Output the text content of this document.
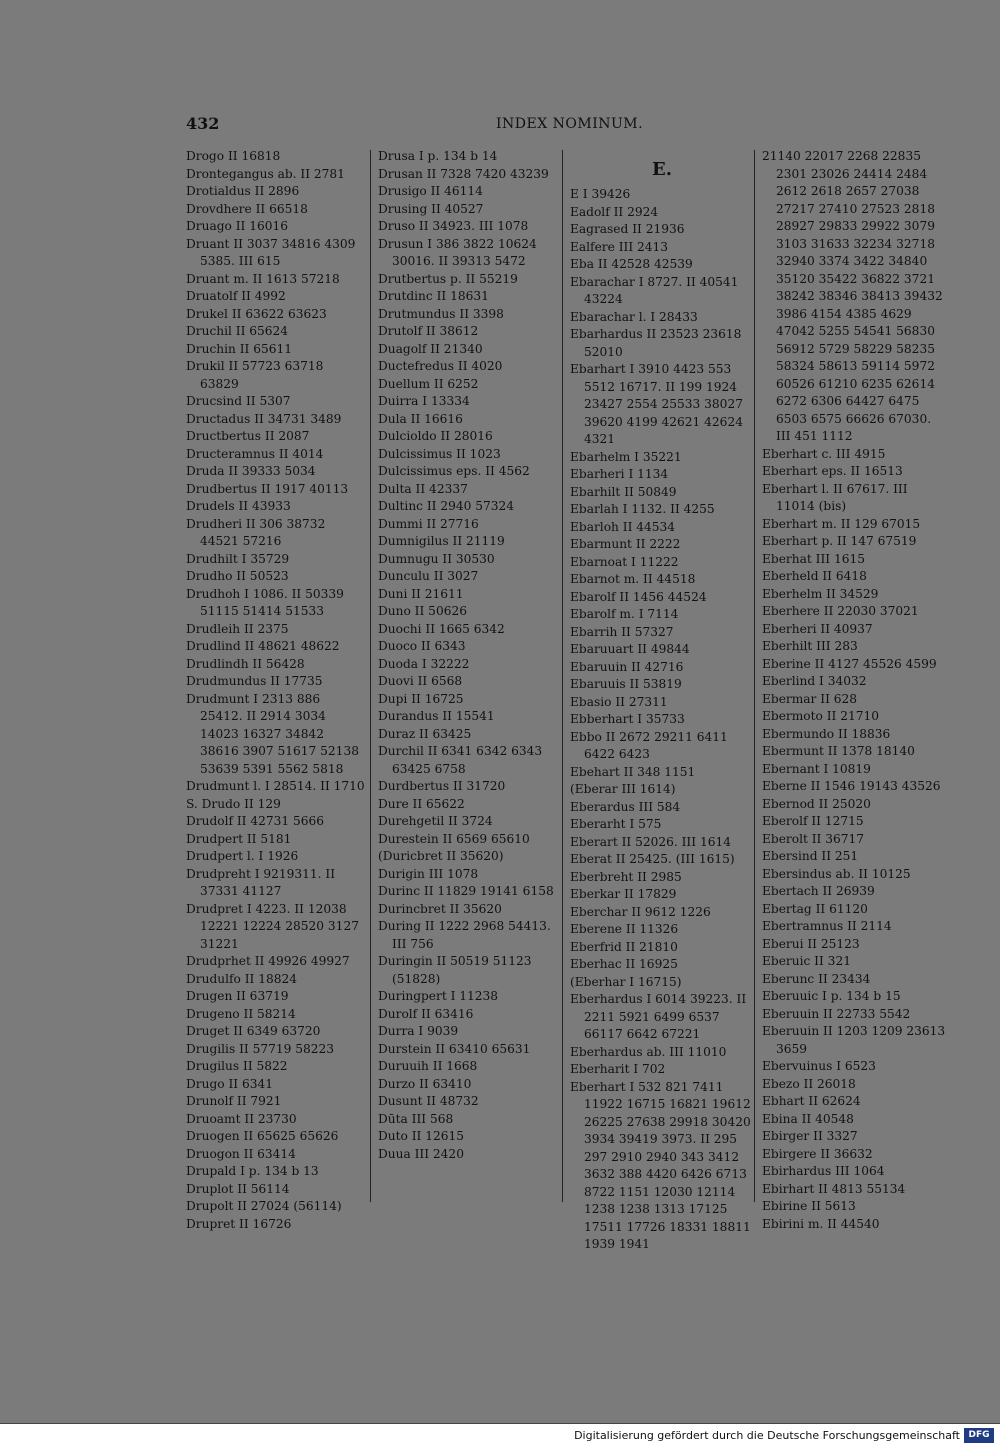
432	INDEX NOMINUM.
Drogo II 16818
Drontegangus ab. II 2781
Drotialdus II 2896
Drovdhere II 66518
Druago II 16016
Druant II 3037 34816 4309 5385. III 615
Druant m. II 1613 57218
Druatolf II 4992
Drukel II 63622 63623
Druchil II 65624
Druchin II 65611
Drukil II 57723 63718 63829
Drucsind II 5307
Dructadus II 34731 3489
Dructbertus II 2087
Dructeramnus II 4014
Druda II 39333 5034
Drudbertus II 1917 40113
Drudels II 43933
Drudheri II 306 38732 44521 57216
Drudhilt I 35729
Drudho II 50523
Drudhoh I 1086. II 50339 51115 51414 51533
Drudleih II 2375
Drudlind II 48621 48622
Drudlindh II 56428
Drudmundus II 17735
Drudmunt I 2313 886 25412. II 2914 3034 14023 16327 34842 38616 3907 51617 52138 53639 5391 5562 5818
Drudmunt l. I 28514. II 1710
S. Drudo II 129
Drudolf II 42731 5666
Drudpert II 5181
Drudpert l. I 1926
Drudpreht I 9219311. II 37331 41127
Drudpret I 4223. II 12038 12221 12224 28520 3127 31221
Drudprhet II 49926 49927
Drudulfo II 18824
Drugen II 63719
Drugeno II 58214
Druget II 6349 63720
Drugilis II 57719 58223
Drugilus II 5822
Drugo II 6341
Drunolf II 7921
Druoamt II 23730
Druogen II 65625 65626
Druogon II 63414
Drupald I p. 134 b 13
Druplot II 56114
Drupolt II 27024 (56114)
Drupret II 16726
Drusa I p. 134 b 14
Drusan II 7328 7420 43239
Drusigo II 46114
Drusing II 40527
Druso II 34923. III 1078
Drusun I 386 3822 10624 30016. II 39313 5472
Drutbertus p. II 55219
Drutdinc II 18631
Drutmundus II 3398
Drutolf II 38612
Duagolf II 21340
Ductefredus II 4020
Duellum II 6252
Duirra I 13334
Dula II 16616
Dulcioldo II 28016
Dulcissimus II 1023
Dulcissimus eps. II 4562
Dulta II 42337
Dultinc II 2940 57324
Dummi II 27716
Dumnigilus II 21119
Dumnugu II 30530
Dunculu II 3027
Duni II 21611
Duno II 50626
Duochi II 1665 6342
Duoco II 6343
Duoda I 32222
Duovi II 6568
Dupi II 16725
Durandus II 15541
Duraz II 63425
Durchil II 6341 6342 6343 63425 6758
Durdbertus II 31720
Dure II 65622
Durehgetil II 3724
Durestein II 6569 65610
(Duricbret II 35620)
Durigin III 1078
Durinc II 11829 19141 6158
Durincbret II 35620
During II 1222 2968 54413. III 756
Duringin II 50519 51123 (51828)
Duringpert I 11238
Durolf II 63416
Durra I 9039
Durstein II 63410 65631
Duruuih II 1668
Durzo II 63410
Dusunt II 48732
Dūta III 568
Duto II 12615
Duua III 2420
E.
E I 39426
Eadolf II 2924
Eagrased II 21936
Ealfere III 2413
Eba II 42528 42539
Ebarachar I 8727. II 40541 43224
Ebarachar l. I 28433
Ebarhardus II 23523 23618 52010
Ebarhart I 3910 4423 553 5512 16717. II 199 1924 23427 2554 25533 38027 39620 4199 42621 42624 4321
Ebarhelm I 35221
Ebarheri I 1134
Ebarhilt II 50849
Ebarlah I 1132. II 4255
Ebarloh II 44534
Ebarmunt II 2222
Ebarnoat I 11222
Ebarnot m. II 44518
Ebarolf II 1456 44524
Ebarolf m. I 7114
Ebarrih II 57327
Ebaruuart II 49844
Ebaruuin II 42716
Ebaruuis II 53819
Ebasio II 27311
Ebberhart I 35733
Ebbo II 2672 29211 6411 6422 6423
Ebehart II 348 1151
(Eberar III 1614)
Eberardus III 584
Eberarht I 575
Eberart II 52026. III 1614
Eberat II 25425. (III 1615)
Eberbreht II 2985
Eberkar II 17829
Eberchar II 9612 1226
Eberene II 11326
Eberfrid II 21810
Eberhac II 16925
(Eberhar I 16715)
Eberhardus I 6014 39223. II 2211 5921 6499 6537 66117 6642 67221
Eberhardus ab. III 11010
Eberharit I 702
Eberhart I 532 821 7411 11922 16715 16821 19612 26225 27638 29918 30420 3934 39419 3973. II 295 297 2910 2940 343 3412 3632 388 4420 6426 6713 8722 1151 12030 12114 1238 1238 1313 17125 17511 17726 18331 18811 1939 1941
21140 22017 2268 22835 2301 23026 24414 2484 2612 2618 2657 27038 27217 27410 27523 2818 28927 29833 29922 3079 3103 31633 32234 32718 32940 3374 3422 34840 35120 35422 36822 3721 38242 38346 38413 39432 3986 4154 4385 4629 47042 5255 54541 56830 56912 5729 58229 58235 58324 58613 59114 5972 60526 61210 6235 62614 6272 6306 64427 6475 6503 6575 66626 67030. III 451 1112
Eberhart c. III 4915
Eberhart eps. II 16513
Eberhart l. II 67617. III 11014 (bis)
Eberhart m. II 129 67015
Eberhart p. II 147 67519
Eberhat III 1615
Eberheld II 6418
Eberhelm II 34529
Eberhere II 22030 37021
Eberheri II 40937
Eberhilt III 283
Eberine II 4127 45526 4599
Eberlind I 34032
Ebermar II 628
Ebermoto II 21710
Ebermundo II 18836
Ebermunt II 1378 18140
Ebernant I 10819
Eberne II 1546 19143 43526
Ebernod II 25020
Eberolf II 12715
Eberolt II 36717
Ebersind II 251
Ebersindus ab. II 10125
Ebertach II 26939
Ebertag II 61120
Ebertramnus II 2114
Eberui II 25123
Eberuic II 321
Eberunc II 23434
Eberuuic I p. 134 b 15
Eberuuin II 22733 5542
Eberuuin II 1203 1209 23613 3659
Ebervuinus I 6523
Ebezo II 26018
Ebhart II 62624
Ebina II 40548
Ebirger II 3327
Ebirgere II 36632
Ebirhardus III 1064
Ebirhart II 4813 55134
Ebirine II 5613
Ebirini m. II 44540
Digitalisierung gefördert durch die Deutsche Forschungsgemeinschaft DFG
